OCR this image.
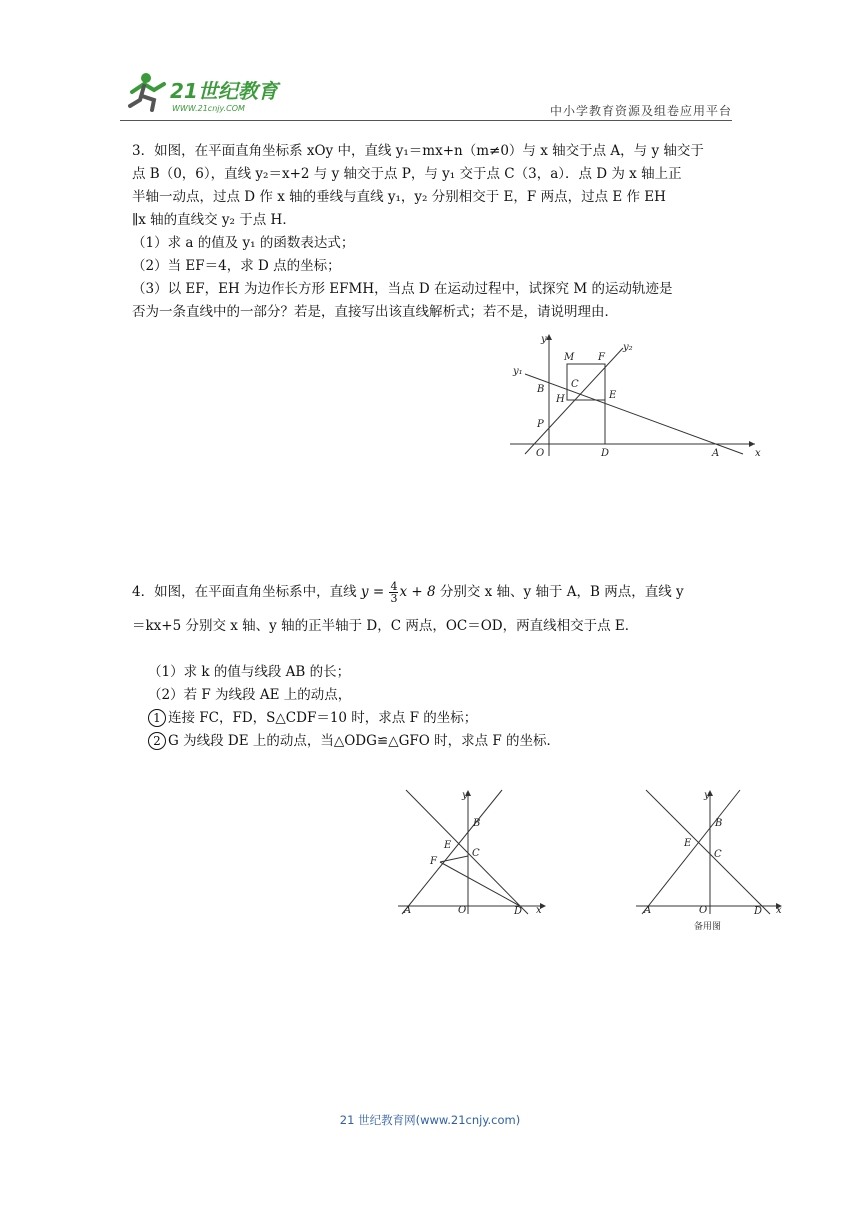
21世纪教育
WWW.21cnjy.COM	中小学教育资源及组卷应用平台
3．如图，在平面直角坐标系 xOy 中，直线 y₁＝mx+n（m≠0）与 x 轴交于点 A，与 y 轴交于
点 B（0，6），直线 y₂＝x+2 与 y 轴交于点 P，与 y₁ 交于点 C（3，a）．点 D 为 x 轴上正
半轴一动点，过点 D 作 x 轴的垂线与直线 y₁，y₂ 分别相交于 E，F 两点，过点 E 作 EH
∥x 轴的直线交 y₂ 于点 H．
（1）求 a 的值及 y₁ 的函数表达式；
（2）当 EF＝4，求 D 点的坐标；
（3）以 EF，EH 为边作长方形 EFMH，当点 D 在运动过程中，试探究 M 的运动轨迹是
否为一条直线中的一部分？若是，直接写出该直线解析式；若不是，请说明理由．
y
y₂
y₁
M F
B	C
H	E
P
O	D	A	x
4．如图，在平面直角坐标系中，直线 $y = \frac{4}{3}$ x + 8 分别交 x 轴、y 轴于 A，B 两点，直线 y
＝kx+5 分别交 x 轴、y 轴的正半轴于 D，C 两点，OC＝OD，两直线相交于点 E．
（1）求 k 的值与线段 AB 的长；
（2）若 F 为线段 AE 上的动点，
1 连接 FC，FD，S△CDF＝10 时，求点 F 的坐标；
2 G 为线段 DE 上的动点，当△ODG≌△GFO 时，求点 F 的坐标．
y
B
E
C
F
A	O	D x
y
B
E
C
A	O	D x
备用图
21 世纪教育网(www.21cnjy.com)
